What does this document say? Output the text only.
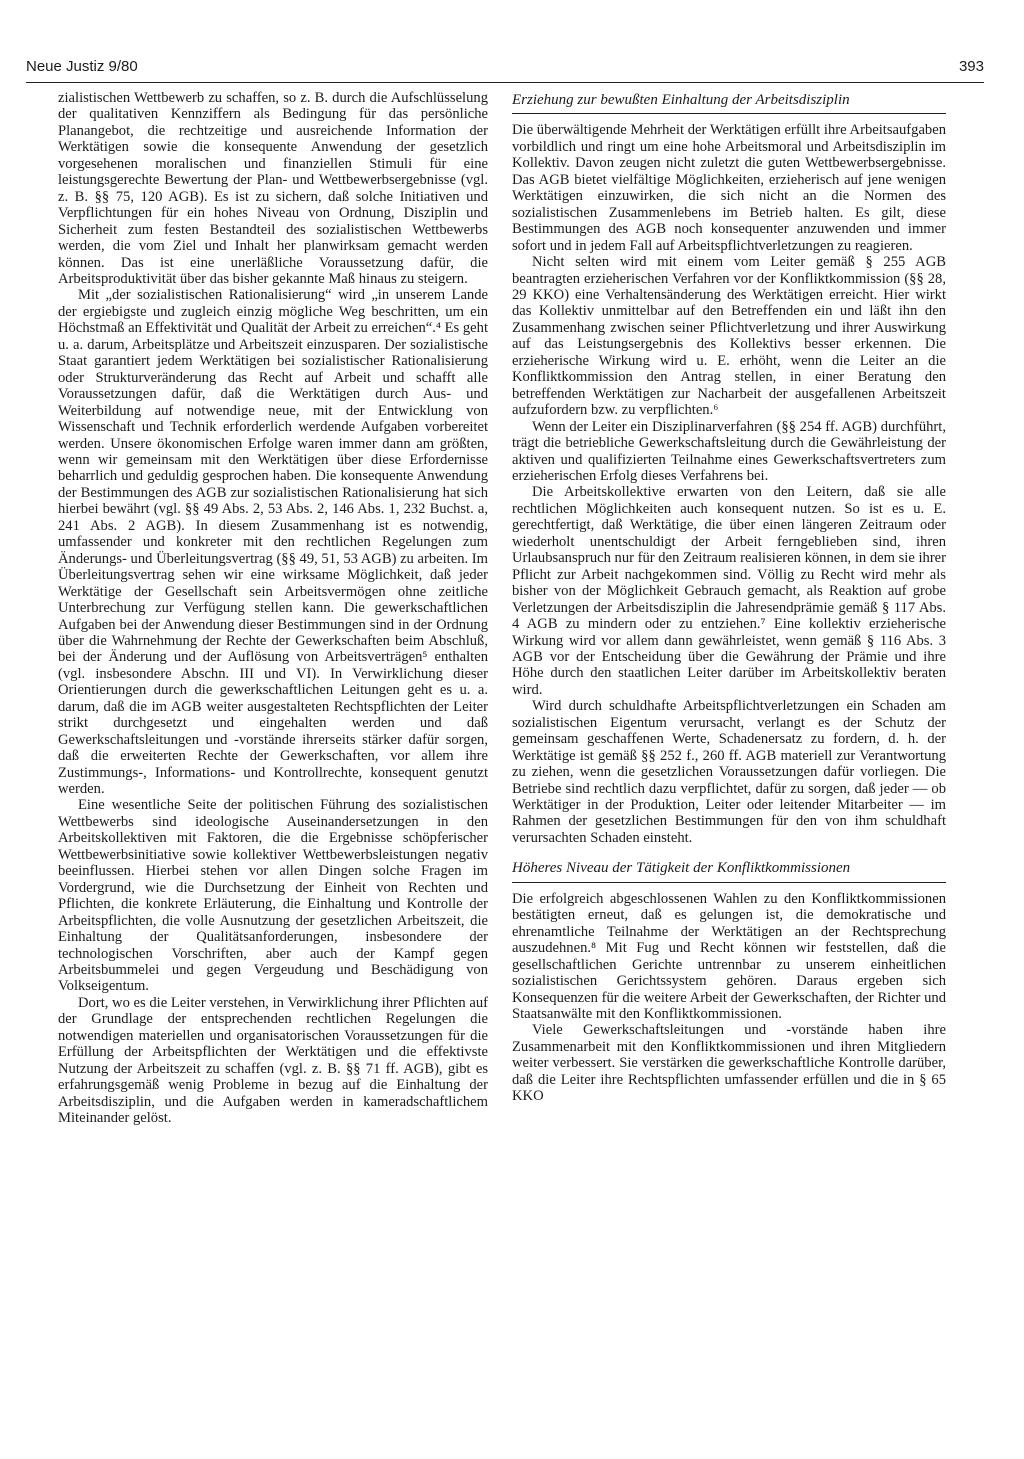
Neue Justiz 9/80	393

zialistischen Wettbewerb zu schaffen, so z. B. durch die Aufschlüsselung der qualitativen Kennziffern als Bedingung für das persönliche Planangebot, die rechtzeitige und ausreichende Information der Werktätigen sowie die konsequente Anwendung der gesetzlich vorgesehenen moralischen und finanziellen Stimuli für eine leistungsgerechte Bewertung der Plan- und Wettbewerbsergebnisse (vgl. z. B. §§ 75, 120 AGB). Es ist zu sichern, daß solche Initiativen und Verpflichtungen für ein hohes Niveau von Ordnung, Disziplin und Sicherheit zum festen Bestandteil des sozialistischen Wettbewerbs werden, die vom Ziel und Inhalt her planwirksam gemacht werden können. Das ist eine unerläßliche Voraussetzung dafür, die Arbeitsproduktivität über das bisher gekannte Maß hinaus zu steigern.

Mit „der sozialistischen Rationalisierung“ wird „in unserem Lande der ergiebigste und zugleich einzig mögliche Weg beschritten, um ein Höchstmaß an Effektivität und Qualität der Arbeit zu erreichen“.⁴ Es geht u. a. darum, Arbeitsplätze und Arbeitszeit einzusparen. Der sozialistische Staat garantiert jedem Werktätigen bei sozialistischer Rationalisierung oder Strukturveränderung das Recht auf Arbeit und schafft alle Voraussetzungen dafür, daß die Werktätigen durch Aus- und Weiterbildung auf notwendige neue, mit der Entwicklung von Wissenschaft und Technik erforderlich werdende Aufgaben vorbereitet werden. Unsere ökonomischen Erfolge waren immer dann am größten, wenn wir gemeinsam mit den Werktätigen über diese Erfordernisse beharrlich und geduldig gesprochen haben. Die konsequente Anwendung der Bestimmungen des AGB zur sozialistischen Rationalisierung hat sich hierbei bewährt (vgl. §§ 49 Abs. 2, 53 Abs. 2, 146 Abs. 1, 232 Buchst. a, 241 Abs. 2 AGB). In diesem Zusammenhang ist es notwendig, umfassender und konkreter mit den rechtlichen Regelungen zum Änderungs- und Überleitungsvertrag (§§ 49, 51, 53 AGB) zu arbeiten. Im Überleitungsvertrag sehen wir eine wirksame Möglichkeit, daß jeder Werktätige der Gesellschaft sein Arbeitsvermögen ohne zeitliche Unterbrechung zur Verfügung stellen kann. Die gewerkschaftlichen Aufgaben bei der Anwendung dieser Bestimmungen sind in der Ordnung über die Wahrnehmung der Rechte der Gewerkschaften beim Abschluß, bei der Änderung und der Auflösung von Arbeitsverträgen⁵ enthalten (vgl. insbesondere Abschn. III und VI). In Verwirklichung dieser Orientierungen durch die gewerkschaftlichen Leitungen geht es u. a. darum, daß die im AGB weiter ausgestalteten Rechtspflichten der Leiter strikt durchgesetzt und eingehalten werden und daß Gewerkschaftsleitungen und -vorstände ihrerseits stärker dafür sorgen, daß die erweiterten Rechte der Gewerkschaften, vor allem ihre Zustimmungs-, Informations- und Kontrollrechte, konsequent genutzt werden.

Eine wesentliche Seite der politischen Führung des sozialistischen Wettbewerbs sind ideologische Auseinandersetzungen in den Arbeitskollektiven mit Faktoren, die die Ergebnisse schöpferischer Wettbewerbsinitiative sowie kollektiver Wettbewerbsleistungen negativ beeinflussen. Hierbei stehen vor allen Dingen solche Fragen im Vordergrund, wie die Durchsetzung der Einheit von Rechten und Pflichten, die konkrete Erläuterung, die Einhaltung und Kontrolle der Arbeitspflichten, die volle Ausnutzung der gesetzlichen Arbeitszeit, die Einhaltung der Qualitätsanforderungen, insbesondere der technologischen Vorschriften, aber auch der Kampf gegen Arbeitsbummelei und gegen Vergeudung und Beschädigung von Volkseigentum.

Dort, wo es die Leiter verstehen, in Verwirklichung ihrer Pflichten auf der Grundlage der entsprechenden rechtlichen Regelungen die notwendigen materiellen und organisatorischen Voraussetzungen für die Erfüllung der Arbeitspflichten der Werktätigen und die effektivste Nutzung der Arbeitszeit zu schaffen (vgl. z. B. §§ 71 ff. AGB), gibt es erfahrungsgemäß wenig Probleme in bezug auf die Einhaltung der Arbeitsdisziplin, und die Aufgaben werden in kameradschaftlichem Miteinander gelöst.

Erziehung zur bewußten Einhaltung der Arbeitsdisziplin

Die überwältigende Mehrheit der Werktätigen erfüllt ihre Arbeitsaufgaben vorbildlich und ringt um eine hohe Arbeitsmoral und Arbeitsdisziplin im Kollektiv. Davon zeugen nicht zuletzt die guten Wettbewerbsergebnisse. Das AGB bietet vielfältige Möglichkeiten, erzieherisch auf jene wenigen Werktätigen einzuwirken, die sich nicht an die Normen des sozialistischen Zusammenlebens im Betrieb halten. Es gilt, diese Bestimmungen des AGB noch konsequenter anzuwenden und immer sofort und in jedem Fall auf Arbeitspflichtverletzungen zu reagieren.

Nicht selten wird mit einem vom Leiter gemäß § 255 AGB beantragten erzieherischen Verfahren vor der Konfliktkommission (§§ 28, 29 KKO) eine Verhaltensänderung des Werktätigen erreicht. Hier wirkt das Kollektiv unmittelbar auf den Betreffenden ein und läßt ihn den Zusammenhang zwischen seiner Pflichtverletzung und ihrer Auswirkung auf das Leistungsergebnis des Kollektivs besser erkennen. Die erzieherische Wirkung wird u. E. erhöht, wenn die Leiter an die Konfliktkommission den Antrag stellen, in einer Beratung den betreffenden Werktätigen zur Nacharbeit der ausgefallenen Arbeitszeit aufzufordern bzw. zu verpflichten.⁶

Wenn der Leiter ein Disziplinarverfahren (§§ 254 ff. AGB) durchführt, trägt die betriebliche Gewerkschaftsleitung durch die Gewährleistung der aktiven und qualifizierten Teilnahme eines Gewerkschaftsvertreters zum erzieherischen Erfolg dieses Verfahrens bei.

Die Arbeitskollektive erwarten von den Leitern, daß sie alle rechtlichen Möglichkeiten auch konsequent nutzen. So ist es u. E. gerechtfertigt, daß Werktätige, die über einen längeren Zeitraum oder wiederholt unentschuldigt der Arbeit ferngeblieben sind, ihren Urlaubsanspruch nur für den Zeitraum realisieren können, in dem sie ihrer Pflicht zur Arbeit nachgekommen sind. Völlig zu Recht wird mehr als bisher von der Möglichkeit Gebrauch gemacht, als Reaktion auf grobe Verletzungen der Arbeitsdisziplin die Jahresendprämie gemäß § 117 Abs. 4 AGB zu mindern oder zu entziehen.⁷ Eine kollektiv erzieherische Wirkung wird vor allem dann gewährleistet, wenn gemäß § 116 Abs. 3 AGB vor der Entscheidung über die Gewährung der Prämie und ihre Höhe durch den staatlichen Leiter darüber im Arbeitskollektiv beraten wird.

Wird durch schuldhafte Arbeitspflichtverletzungen ein Schaden am sozialistischen Eigentum verursacht, verlangt es der Schutz der gemeinsam geschaffenen Werte, Schadenersatz zu fordern, d. h. der Werktätige ist gemäß §§ 252 f., 260 ff. AGB materiell zur Verantwortung zu ziehen, wenn die gesetzlichen Voraussetzungen dafür vorliegen. Die Betriebe sind rechtlich dazu verpflichtet, dafür zu sorgen, daß jeder — ob Werktätiger in der Produktion, Leiter oder leitender Mitarbeiter — im Rahmen der gesetzlichen Bestimmungen für den von ihm schuldhaft verursachten Schaden einsteht.

Höheres Niveau der Tätigkeit der Konfliktkommissionen

Die erfolgreich abgeschlossenen Wahlen zu den Konfliktkommissionen bestätigten erneut, daß es gelungen ist, die demokratische und ehrenamtliche Teilnahme der Werktätigen an der Rechtsprechung auszudehnen.⁸ Mit Fug und Recht können wir feststellen, daß die gesellschaftlichen Gerichte untrennbar zu unserem einheitlichen sozialistischen Gerichtssystem gehören. Daraus ergeben sich Konsequenzen für die weitere Arbeit der Gewerkschaften, der Richter und Staatsanwälte mit den Konfliktkommissionen.

Viele Gewerkschaftsleitungen und -vorstände haben ihre Zusammenarbeit mit den Konfliktkommissionen und ihren Mitgliedern weiter verbessert. Sie verstärken die gewerkschaftliche Kontrolle darüber, daß die Leiter ihre Rechtspflichten umfassender erfüllen und die in § 65 KKO
